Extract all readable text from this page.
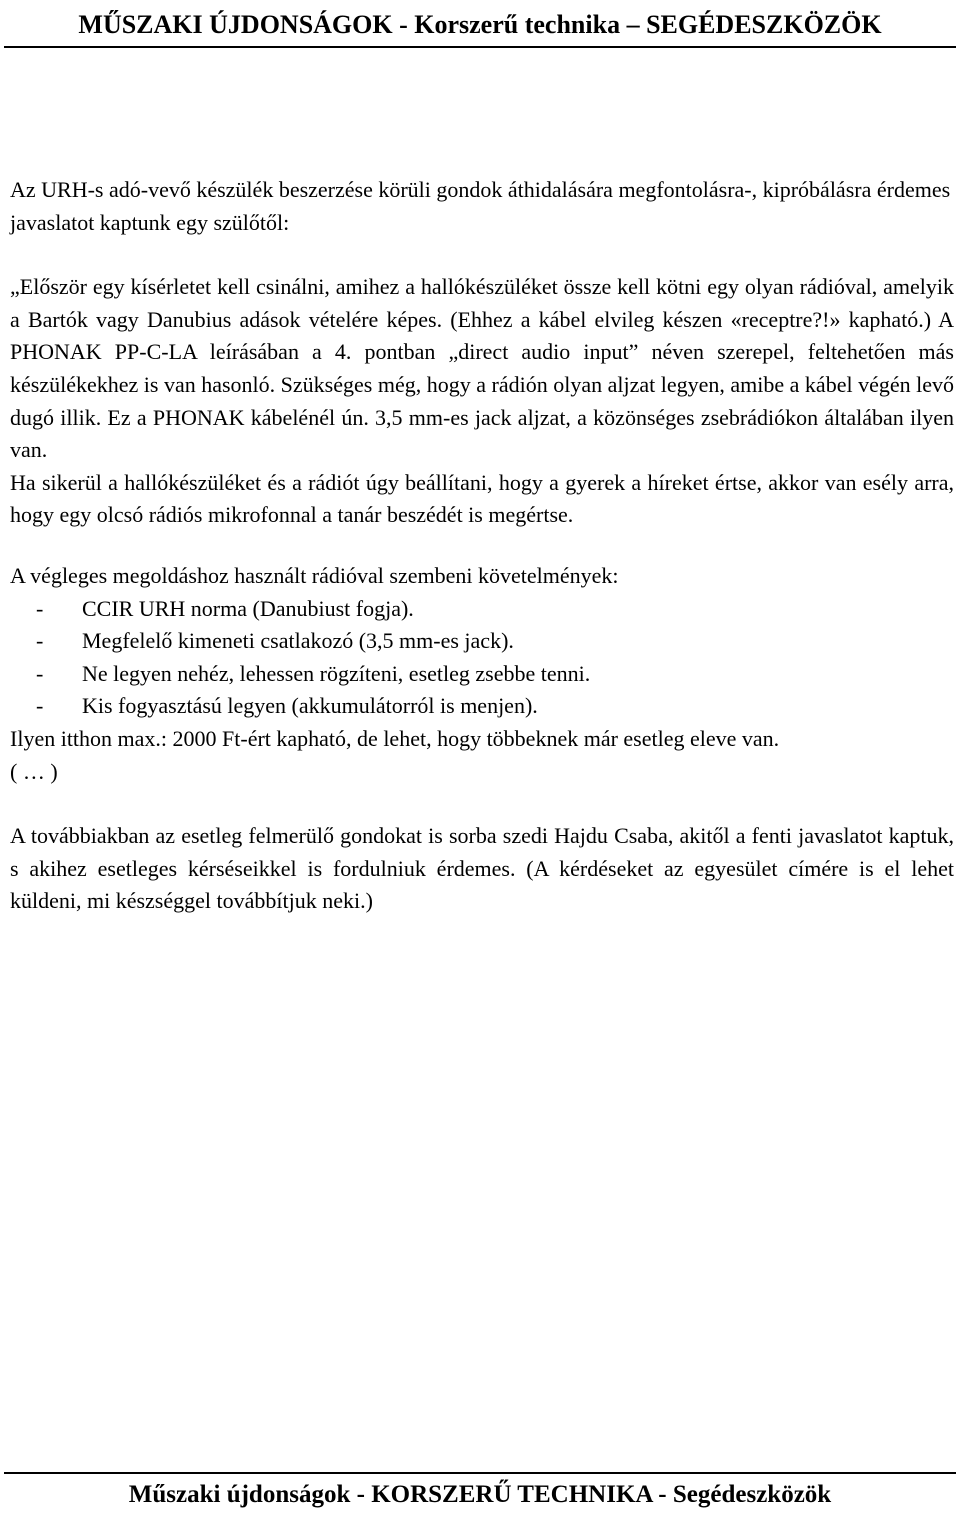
MŰSZAKI ÚJDONSÁGOK - Korszerű technika – SEGÉDESZKÖZÖK

Az URH-s adó-vevő készülék beszerzése körüli gondok áthidalására megfontolásra-, kipróbálásra érdemes javaslatot kaptunk egy szülőtől:

„Először egy kísérletet kell csinálni, amihez a hallókészüléket össze kell kötni egy olyan rádióval, amelyik a Bartók vagy Danubius adások vételére képes. (Ehhez a kábel elvileg készen «receptre?!» kapható.) A PHONAK PP-C-LA leírásában a 4. pontban „direct audio input” néven szerepel, feltehetően más készülékekhez is van hasonló. Szükséges még, hogy a rádión olyan aljzat legyen, amibe a kábel végén levő dugó illik. Ez a PHONAK kábelénél ún. 3,5 mm-es jack aljzat, a közönséges zsebrádiókon általában ilyen van.

Ha sikerül a hallókészüléket és a rádiót úgy beállítani, hogy a gyerek a híreket értse, akkor van esély arra, hogy egy olcsó rádiós mikrofonnal a tanár beszédét is megértse.

A végleges megoldáshoz használt rádióval szembeni követelmények:

- CCIR URH norma (Danubiust fogja).
- Megfelelő kimeneti csatlakozó (3,5 mm-es jack).
- Ne legyen nehéz, lehessen rögzíteni, esetleg zsebbe tenni.
- Kis fogyasztású legyen (akkumulátorról is menjen).

Ilyen itthon max.: 2000 Ft-ért kapható, de lehet, hogy többeknek már esetleg eleve van.

( … )

A továbbiakban az esetleg felmerülő gondokat is sorba szedi Hajdu Csaba, akitől a fenti javaslatot kaptuk, s akihez esetleges kérséseikkel is fordulniuk érdemes. (A kérdéseket az egyesület címére is el lehet küldeni, mi készséggel továbbítjuk neki.)

Műszaki újdonságok - KORSZERŰ TECHNIKA - Segédeszközök
